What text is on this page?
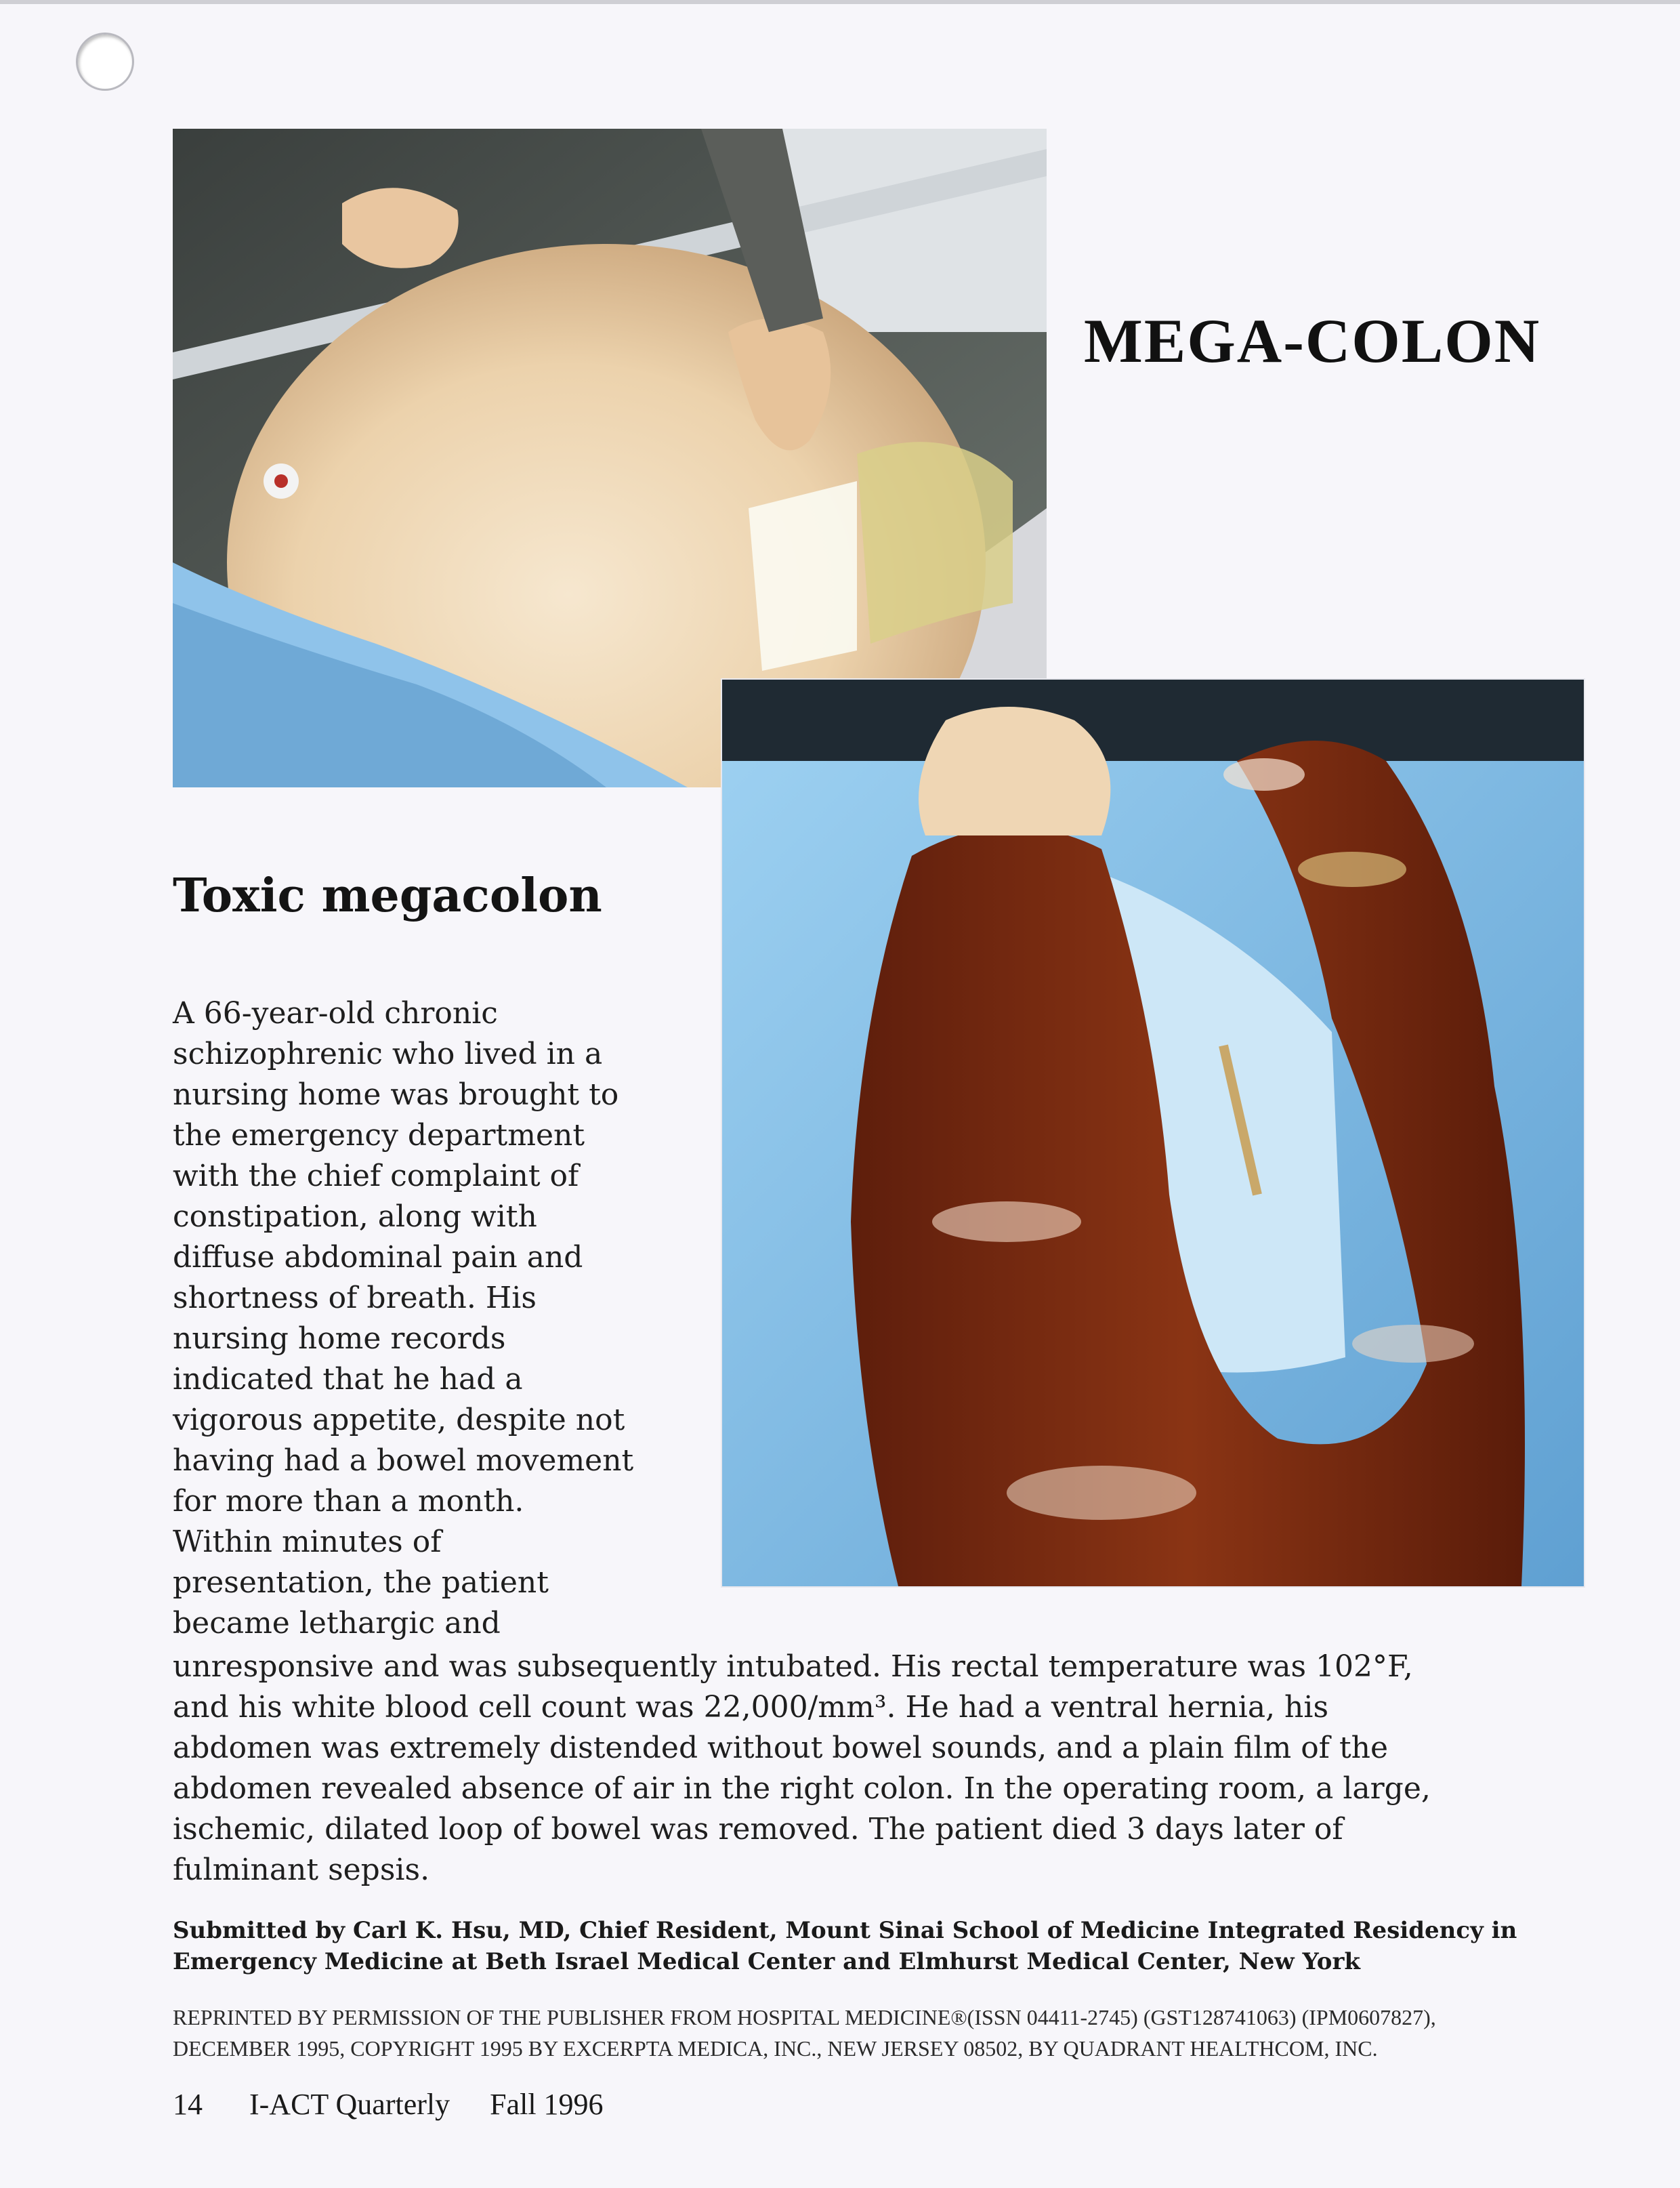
MEGA-COLON
Toxic megacolon
A 66-year-old chronic
schizophrenic who lived in a
nursing home was brought to
the emergency department
with the chief complaint of
constipation, along with
diffuse abdominal pain and
shortness of breath. His
nursing home records
indicated that he had a
vigorous appetite, despite not
having had a bowel movement
for more than a month.
Within minutes of
presentation, the patient
became lethargic and
unresponsive and was subsequently intubated. His rectal temperature was 102°F,
and his white blood cell count was 22,000/mm³. He had a ventral hernia, his
abdomen was extremely distended without bowel sounds, and a plain film of the
abdomen revealed absence of air in the right colon. In the operating room, a large,
ischemic, dilated loop of bowel was removed. The patient died 3 days later of
fulminant sepsis.
Submitted by Carl K. Hsu, MD, Chief Resident, Mount Sinai School of Medicine Integrated Residency in
Emergency Medicine at Beth Israel Medical Center and Elmhurst Medical Center, New York
REPRINTED BY PERMISSION OF THE PUBLISHER FROM HOSPITAL MEDICINE®(ISSN 04411-2745) (GST128741063) (IPM0607827),
DECEMBER 1995, COPYRIGHT 1995 BY EXCERPTA MEDICA, INC., NEW JERSEY 08502, BY QUADRANT HEALTHCOM, INC.
14 I-ACT Quarterly Fall 1996
